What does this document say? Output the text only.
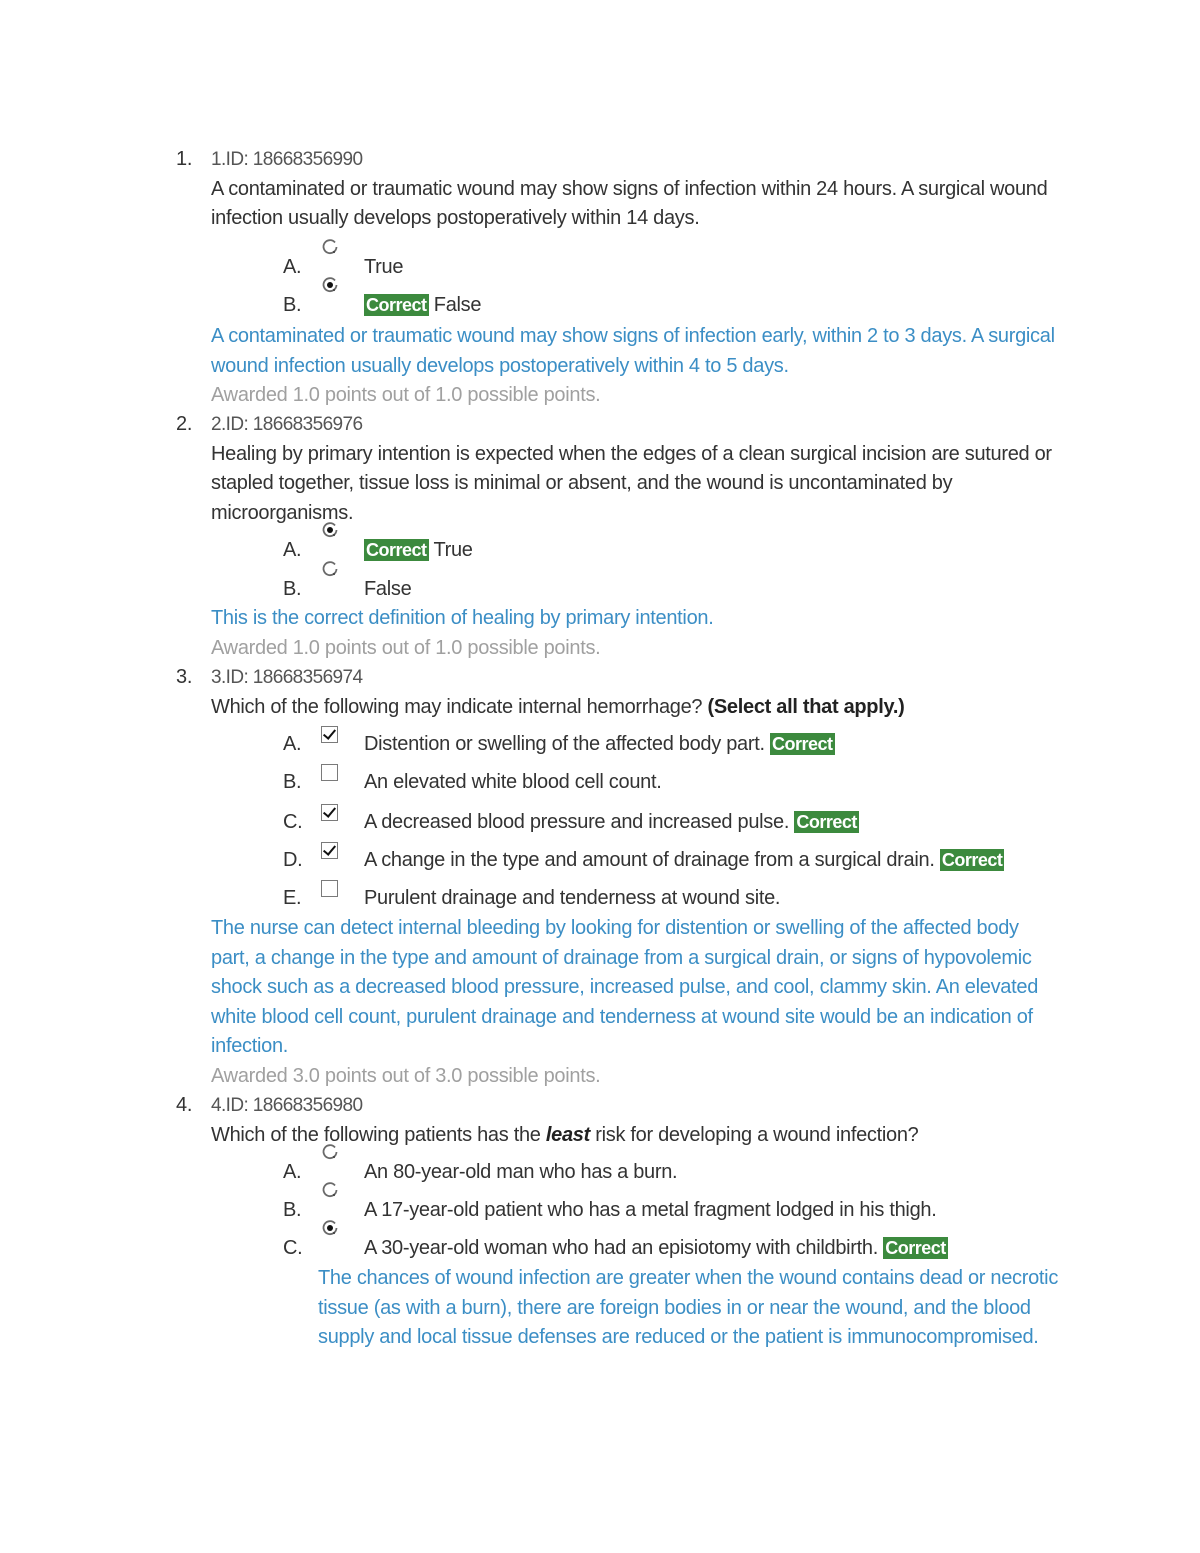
1. 1.ID: 18668356990
A contaminated or traumatic wound may show signs of infection within 24 hours. A surgical wound infection usually develops postoperatively within 14 days.
A.	True
B.	Correct False
A contaminated or traumatic wound may show signs of infection early, within 2 to 3 days. A surgical wound infection usually develops postoperatively within 4 to 5 days.
Awarded 1.0 points out of 1.0 possible points.
2. 2.ID: 18668356976
Healing by primary intention is expected when the edges of a clean surgical incision are sutured or stapled together, tissue loss is minimal or absent, and the wound is uncontaminated by microorganisms.
A.	Correct True
B.	False
This is the correct definition of healing by primary intention.
Awarded 1.0 points out of 1.0 possible points.
3. 3.ID: 18668356974
Which of the following may indicate internal hemorrhage? (Select all that apply.)
A.	Distention or swelling of the affected body part. Correct
B.	An elevated white blood cell count.
C.	A decreased blood pressure and increased pulse. Correct
D.	A change in the type and amount of drainage from a surgical drain. Correct
E.	Purulent drainage and tenderness at wound site.
The nurse can detect internal bleeding by looking for distention or swelling of the affected body part, a change in the type and amount of drainage from a surgical drain, or signs of hypovolemic shock such as a decreased blood pressure, increased pulse, and cool, clammy skin. An elevated white blood cell count, purulent drainage and tenderness at wound site would be an indication of infection.
Awarded 3.0 points out of 3.0 possible points.
4. 4.ID: 18668356980
Which of the following patients has the least risk for developing a wound infection?
A.	An 80-year-old man who has a burn.
B.	A 17-year-old patient who has a metal fragment lodged in his thigh.
C.	A 30-year-old woman who had an episiotomy with childbirth. Correct
The chances of wound infection are greater when the wound contains dead or necrotic tissue (as with a burn), there are foreign bodies in or near the wound, and the blood supply and local tissue defenses are reduced or the patient is immunocompromised.
